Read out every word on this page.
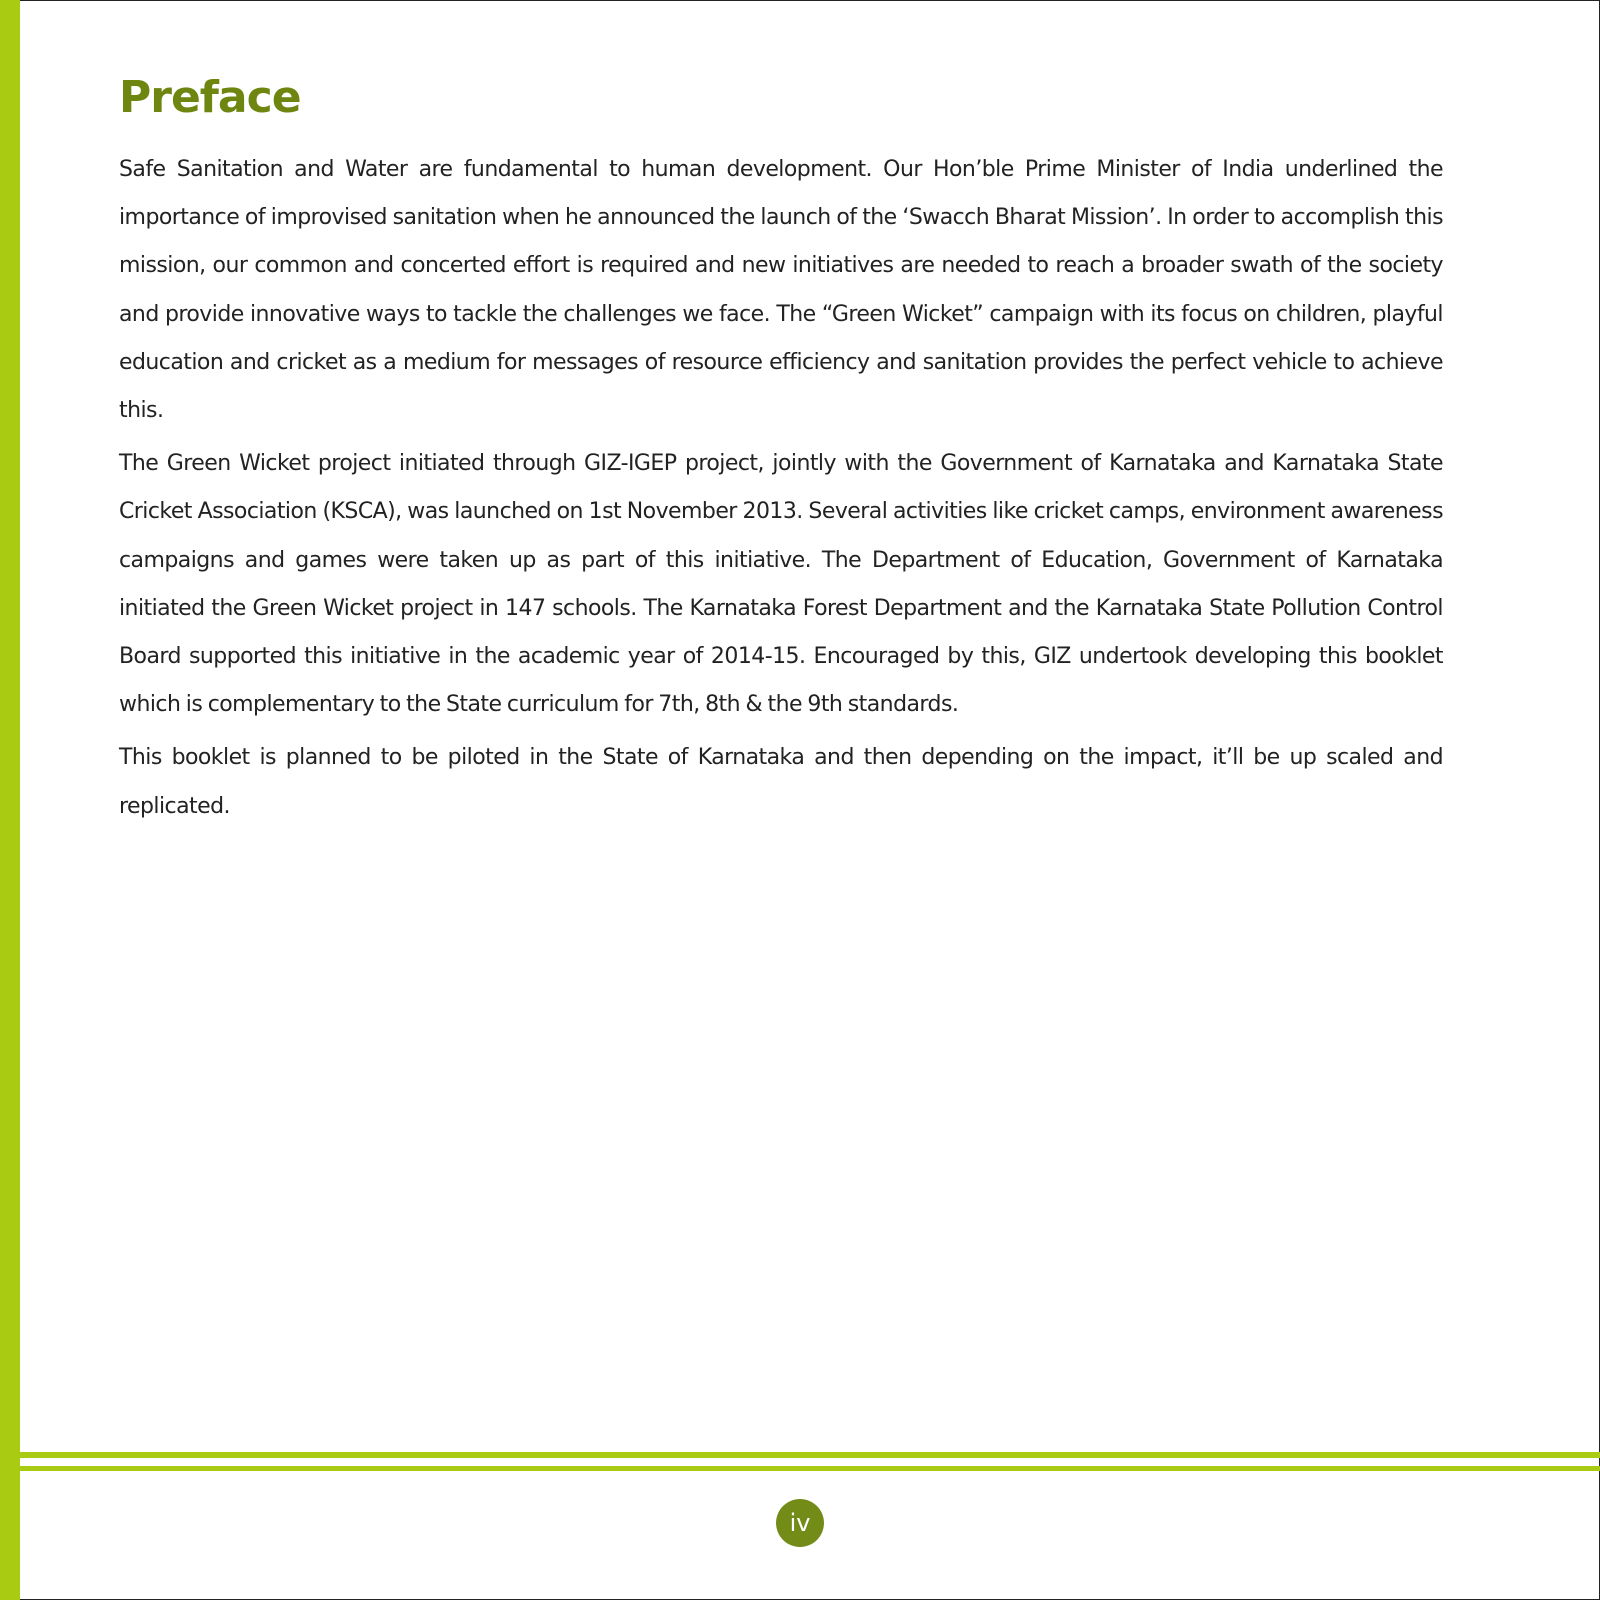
Preface

Safe Sanitation and Water are fundamental to human development. Our Hon’ble Prime Minister of India underlined the importance of improvised sanitation when he announced the launch of the ‘Swacch Bharat Mission’. In order to accomplish this mission, our common and concerted effort is required and new initiatives are needed to reach a broader swath of the society and provide innovative ways to tackle the challenges we face. The “Green Wicket” campaign with its focus on children, playful education and cricket as a medium for messages of resource efficiency and sanitation provides the perfect vehicle to achieve this.

The Green Wicket project initiated through GIZ-IGEP project, jointly with the Government of Karnataka and Karnataka State Cricket Association (KSCA), was launched on 1st November 2013. Several activities like cricket camps, environment awareness campaigns and games were taken up as part of this initiative. The Department of Education, Government of Karnataka initiated the Green Wicket project in 147 schools. The Karnataka Forest Department and the Karnataka State Pollution Control Board supported this initiative in the academic year of 2014-15. Encouraged by this, GIZ undertook developing this booklet which is complementary to the State curriculum for 7th, 8th & the 9th standards.

This booklet is planned to be piloted in the State of Karnataka and then depending on the impact, it’ll be up scaled and replicated.

iv
